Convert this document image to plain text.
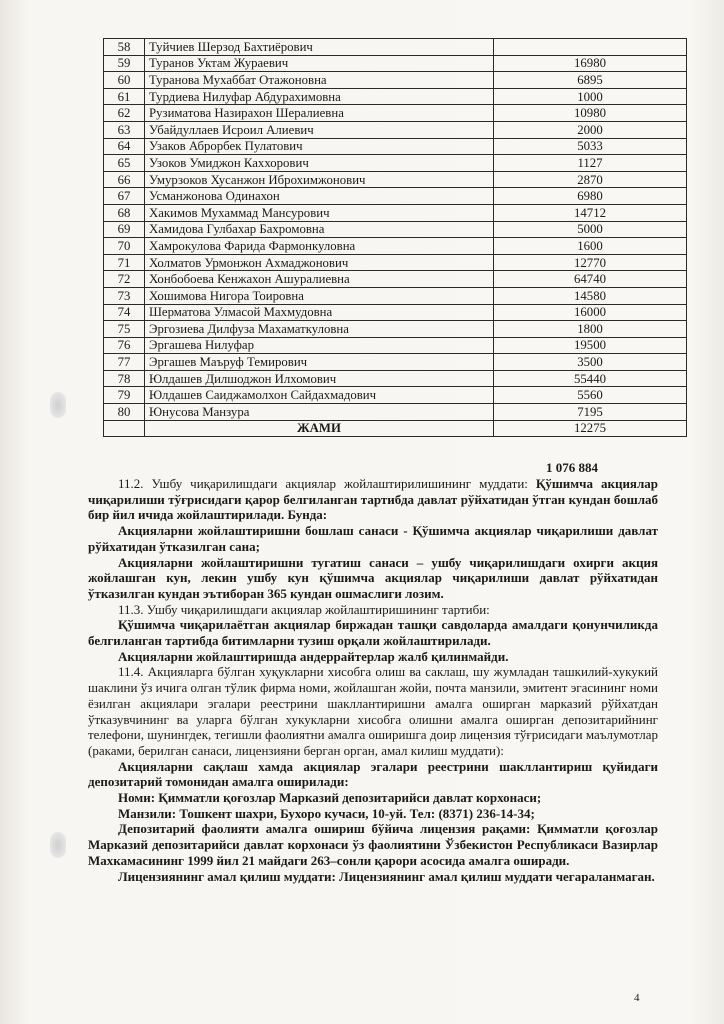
58	Туйчиев Шерзод Бахтиёрович	
59	Туранов Уктам Жураевич	16980
60	Туранова Мухаббат Отажоновна	6895
61	Турдиева Нилуфар Абдурахимовна	1000
62	Рузиматова Назирахон Шералиевна	10980
63	Убайдуллаев Исроил Алиевич	2000
64	Узаков Аброрбек Пулатович	5033
65	Узоков Умиджон Каххорович	1127
66	Умурзоков Хусанжон Иброхимжонович	2870
67	Усманжонова Одинахон	6980
68	Хакимов Мухаммад Мансурович	14712
69	Хамидова Гулбахар Бахромовна	5000
70	Хамрокулова Фарида Фармонкуловна	1600
71	Холматов Урмонжон Ахмаджонович	12770
72	Хонбобоева Кенжахон Ашуралиевна	64740
73	Хошимова Нигора Тоировна	14580
74	Шерматова Улмасой Махмудовна	16000
75	Эргозиева Дилфуза Махаматкуловна	1800
76	Эргашева Нилуфар	19500
77	Эргашев Маъруф Темирович	3500
78	Юлдашев Дилшоджон Илхомович	55440
79	Юлдашев Саиджамолхон Сайдахмадович	5560
80	Юнусова Манзура	7195
	ЖАМИ	12275
1 076 884

11.2. Ушбу чиқарилишдаги акциялар жойлаштирилишининг муддати: Қўшимча акциялар чиқарилиши тўғрисидаги қарор белгиланган тартибда давлат рўйхатидан ўтган кундан бошлаб бир йил ичида жойлаштирилади. Бунда:

Акцияларни жойлаштиришни бошлаш санаси - Қўшимча акциялар чиқарилиши давлат рўйхатидан ўтказилган сана;

Акцияларни жойлаштиришни тугатиш санаси – ушбу чиқарилишдаги охирги акция жойлашган кун, лекин ушбу кун қўшимча акциялар чиқарилиши давлат рўйхатидан ўтказилган кундан эътиборан 365 кундан ошмаслиги лозим.

11.3. Ушбу чиқарилишдаги акциялар жойлаштиришининг тартиби:

Қўшимча чиқарилаётган акциялар биржадан ташқи савдоларда амалдаги қонунчиликда белгиланган тартибда битимларни тузиш орқали жойлаштирилади.

Акцияларни жойлаштиришда андеррайтерлар жалб қилинмайди.

11.4. Акцияларга бўлган хуқукларни хисобга олиш ва саклаш, шу жумладан ташкилий-хукукий шаклини ўз ичига олган тўлик фирма номи, жойлашган жойи, почта манзили, эмитент эгасининг номи ёзилган акциялари эгалари реестрини шакллантиришни амалга оширган марказий рўйхатдан ўтказувчининг ва уларга бўлган хукукларни хисобга олишни амалга оширган депозитарийнинг телефони, шунингдек, тегишли фаолиятни амалга оширишга доир лицензия тўғрисидаги маълумотлар (раками, берилган санаси, лицензияни берган орган, амал килиш муддати):

Акцияларни сақлаш хамда акциялар эгалари реестрини шакллантириш қуйидаги депозитарий томонидан амалга оширилади:

Номи: Қимматли қоғозлар Марказий депозитарийси давлат корхонаси;

Манзили: Тошкент шахри, Бухоро кучаси, 10-уй. Тел: (8371) 236-14-34;

Депозитарий фаолияти амалга ошириш бўйича лицензия рақами: Қимматли қоғозлар Марказий депозитарийси давлат корхонаси ўз фаолиятини Ўзбекистон Республикаси Вазирлар Махкамасининг 1999 йил 21 майдаги 263–сонли қарори асосида амалга оширади.

Лицензиянинг амал қилиш муддати: Лицензиянинг амал қилиш муддати чегараланмаган.

4
